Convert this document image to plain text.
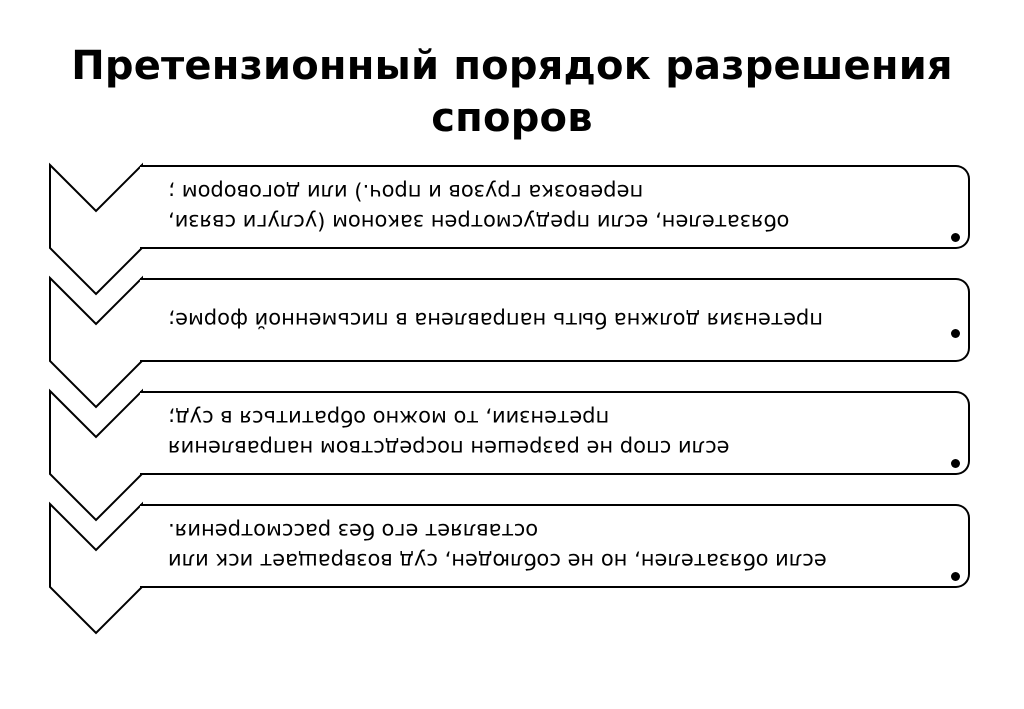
Претензионный порядок разрешения
споров
обязателен, если предусмотрен законом (услуги связи,
перевозка грузов и проч.) или договором ;
претензия должна быть направлена в письменной форме;
если спор не разрешен посредством направления
претензии, то можно обратиться в суд;
если обязателен, но не соблюден, суд возвращает иск или
оставляет его без рассмотрения.
